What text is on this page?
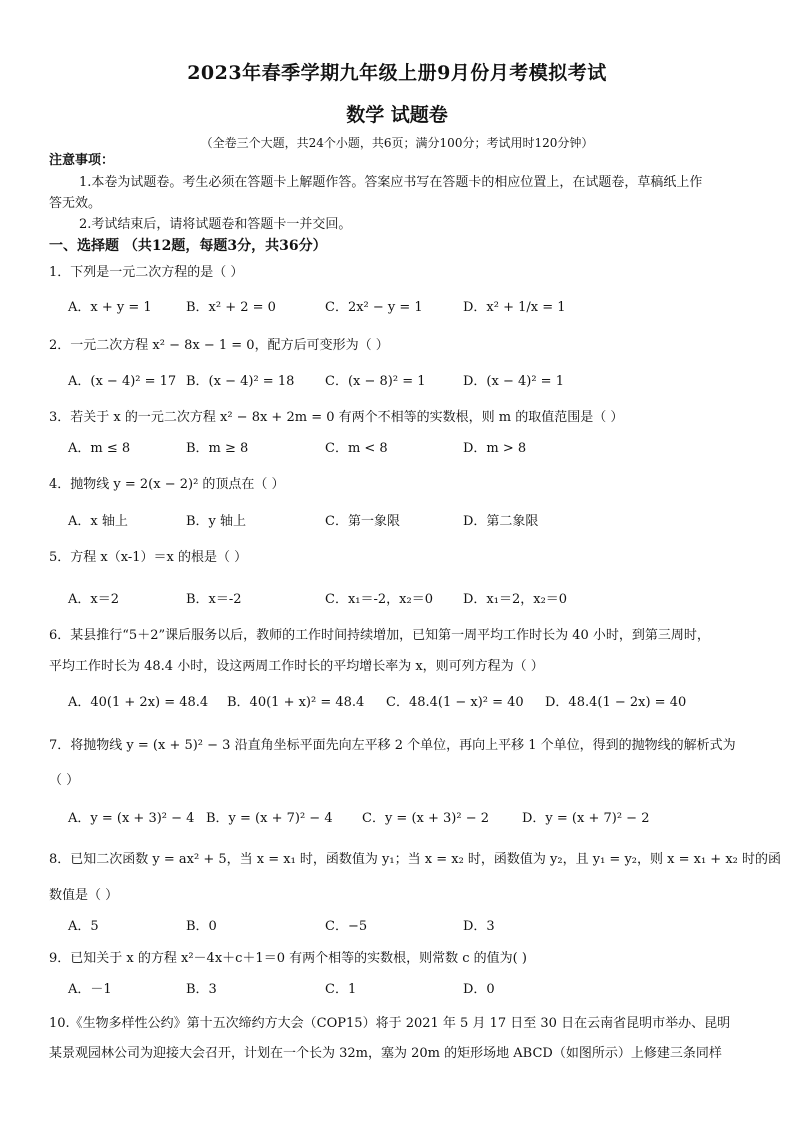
2023年春季学期九年级上册9月份月考模拟考试
数学 试题卷
（全卷三个大题，共24个小题，共6页；满分100分；考试用时120分钟）
注意事项：
1.本卷为试题卷。考生必须在答题卡上解题作答。答案应书写在答题卡的相应位置上，在试题卷，草稿纸上作
答无效。
2.考试结束后，请将试题卷和答题卡一并交回。
一、选择题 （共12题，每题3分，共36分）
1．下列是一元二次方程的是（ ）
A．x + y = 1	B．x² + 2 = 0	C．2x² − y = 1	D．x² + 1/x = 1
2．一元二次方程 x² − 8x − 1 = 0，配方后可变形为（ ）
A．(x − 4)² = 17 B．(x − 4)² = 18 C．(x − 8)² = 1	D．(x − 4)² = 1
3．若关于 x 的一元二次方程 x² − 8x + 2m = 0 有两个不相等的实数根，则 m 的取值范围是（ ）
A．m ≤ 8	B．m ≥ 8	C．m < 8	D．m > 8
4．抛物线 y = 2(x − 2)² 的顶点在（ ）
A．x 轴上	B．y 轴上	C．第一象限	D．第二象限
5．方程 x（x-1）＝x 的根是（ ）
A．x＝2	B．x＝-2	C．x₁＝-2，x₂＝0 D．x₁＝2，x₂＝0
6．某县推行“5＋2”课后服务以后，教师的工作时间持续增加，已知第一周平均工作时长为 40 小时，到第三周时，
平均工作时长为 48.4 小时，设这两周工作时长的平均增长率为 x，则可列方程为（ ）
A．40(1 + 2x) = 48.4 B．40(1 + x)² = 48.4 C．48.4(1 − x)² = 40 D．48.4(1 − 2x) = 40
7．将抛物线 y = (x + 5)² − 3 沿直角坐标平面先向左平移 2 个单位，再向上平移 1 个单位，得到的抛物线的解析式为
（ ）
A．y = (x + 3)² − 4 B．y = (x + 7)² − 4 C．y = (x + 3)² − 2	D．y = (x + 7)² − 2
8．已知二次函数 y = ax² + 5，当 x = x₁ 时，函数值为 y₁；当 x = x₂ 时，函数值为 y₂，且 y₁ = y₂，则 x = x₁ + x₂ 时的函
数值是（ ）
A．5	B．0	C．−5	D．3
9．已知关于 x 的方程 x²－4x＋c＋1＝0 有两个相等的实数根，则常数 c 的值为( )
A．－1	B．3	C．1	D．0
10.《生物多样性公约》第十五次缔约方大会（COP15）将于 2021 年 5 月 17 日至 30 日在云南省昆明市举办、昆明
某景观园林公司为迎接大会召开，计划在一个长为 32m，塞为 20m 的矩形场地 ABCD（如图所示）上修建三条同样
